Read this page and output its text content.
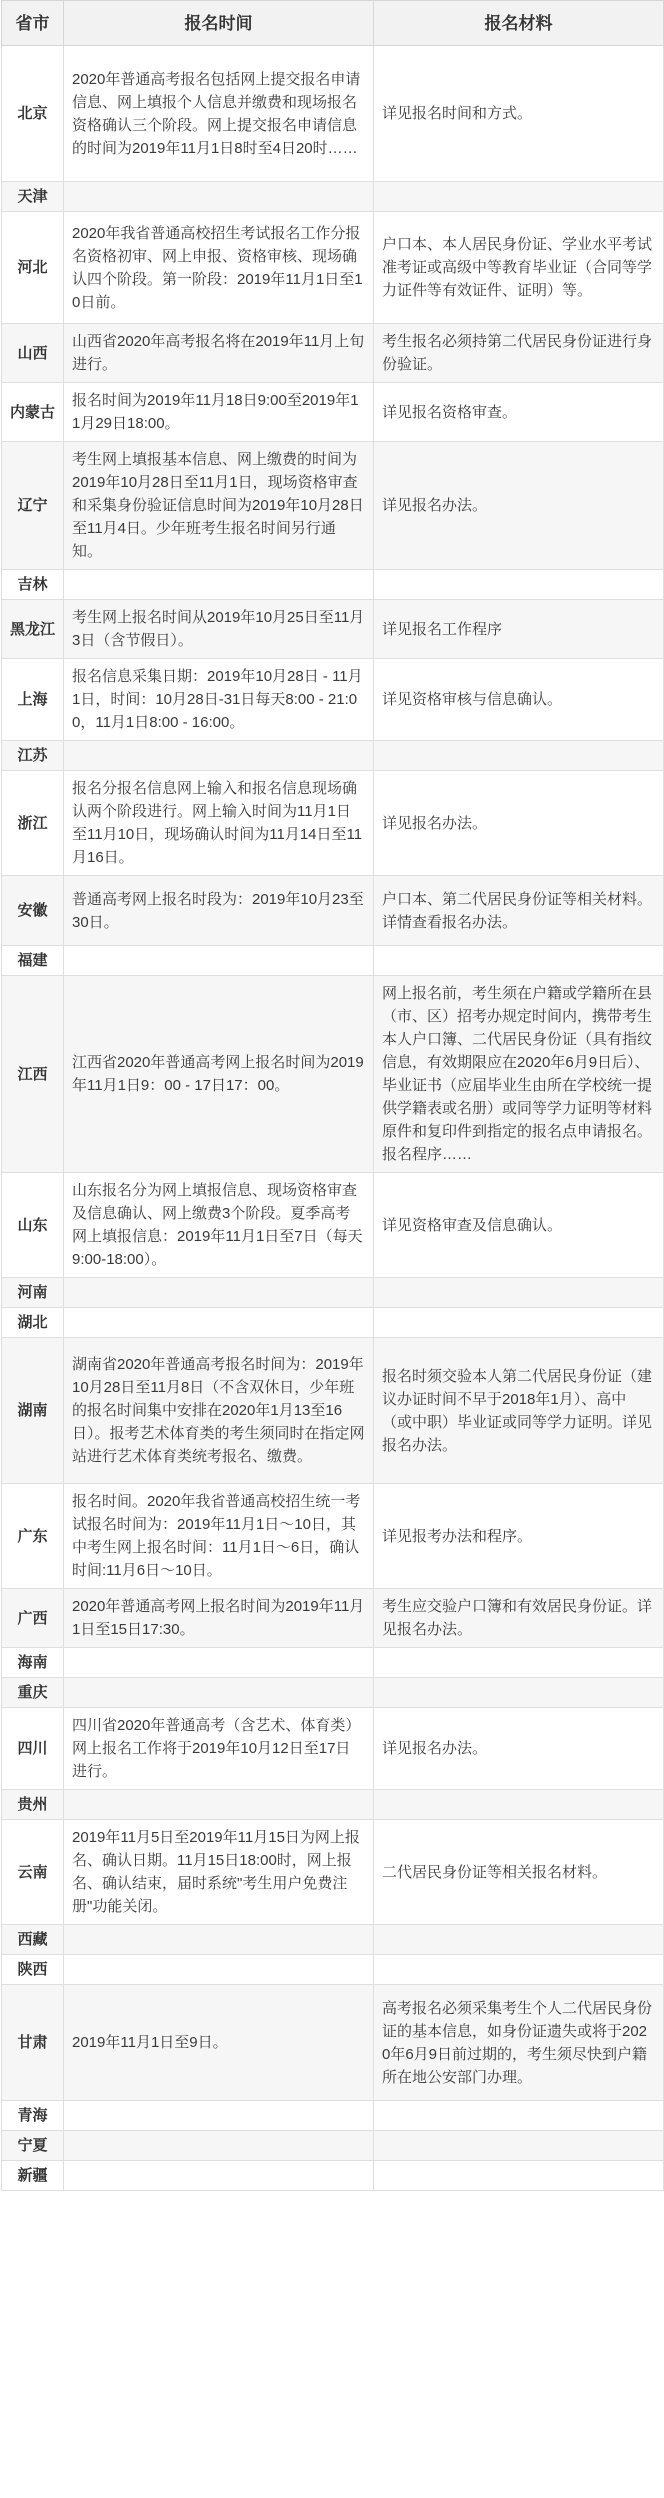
省市	报名时间	报名材料
北京	2020年普通高考报名包括网上提交报名申请信息、网上填报个人信息并缴费和现场报名资格确认三个阶段。网上提交报名申请信息的时间为2019年11月1日8时至4日20时……	详见报名时间和方式。
天津		
河北	2020年我省普通高校招生考试报名工作分报名资格初审、网上申报、资格审核、现场确认四个阶段。第一阶段：2019年11月1日至10日前。	户口本、本人居民身份证、学业水平考试准考证或高级中等教育毕业证（合同等学力证件等有效证件、证明）等。
山西	山西省2020年高考报名将在2019年11月上旬进行。	考生报名必须持第二代居民身份证进行身份验证。
内蒙古	报名时间为2019年11月18日9:00至2019年11月29日18:00。	详见报名资格审查。
辽宁	考生网上填报基本信息、网上缴费的时间为2019年10月28日至11月1日，现场资格审查和采集身份验证信息时间为2019年10月28日至11月4日。少年班考生报名时间另行通知。	详见报名办法。
吉林		
黑龙江	考生网上报名时间从2019年10月25日至11月3日（含节假日）。	详见报名工作程序
上海	报名信息采集日期：2019年10月28日 - 11月1日，时间：10月28日-31日每天8:00 - 21:00，11月1日8:00 - 16:00。	详见资格审核与信息确认。
江苏		
浙江	报名分报名信息网上输入和报名信息现场确认两个阶段进行。网上输入时间为11月1日至11月10日，现场确认时间为11月14日至11月16日。	详见报名办法。
安徽	普通高考网上报名时段为：2019年10月23至30日。	户口本、第二代居民身份证等相关材料。详情查看报名办法。
福建		
江西	江西省2020年普通高考网上报名时间为2019年11月1日9：00 - 17日17：00。	网上报名前，考生须在户籍或学籍所在县（市、区）招考办规定时间内，携带考生本人户口簿、二代居民身份证（具有指纹信息，有效期限应在2020年6月9日后）、毕业证书（应届毕业生由所在学校统一提供学籍表或名册）或同等学力证明等材料原件和复印件到指定的报名点申请报名。报名程序……
山东	山东报名分为网上填报信息、现场资格审查及信息确认、网上缴费3个阶段。夏季高考网上填报信息：2019年11月1日至7日（每天9:00-18:00）。	详见资格审查及信息确认。
河南		
湖北		
湖南	湖南省2020年普通高考报名时间为：2019年10月28日至11月8日（不含双休日，少年班的报名时间集中安排在2020年1月13至16日）。报考艺术体育类的考生须同时在指定网站进行艺术体育类统考报名、缴费。	报名时须交验本人第二代居民身份证（建议办证时间不早于2018年1月）、高中（或中职）毕业证或同等学力证明。详见报名办法。
广东	报名时间。2020年我省普通高校招生统一考试报名时间为：2019年11月1日～10日，其中考生网上报名时间：11月1日～6日，确认时间:11月6日～10日。	详见报考办法和程序。
广西	2020年普通高考网上报名时间为2019年11月1日至15日17:30。	考生应交验户口簿和有效居民身份证。详见报名办法。
海南		
重庆		
四川	四川省2020年普通高考（含艺术、体育类）网上报名工作将于2019年10月12日至17日进行。	详见报名办法。
贵州		
云南	2019年11月5日至2019年11月15日为网上报名、确认日期。11月15日18:00时，网上报名、确认结束，届时系统"考生用户免费注册"功能关闭。	二代居民身份证等相关报名材料。
西藏		
陕西		
甘肃	2019年11月1日至9日。	高考报名必须采集考生个人二代居民身份证的基本信息，如身份证遗失或将于2020年6月9日前过期的，考生须尽快到户籍所在地公安部门办理。
青海		
宁夏		
新疆		
